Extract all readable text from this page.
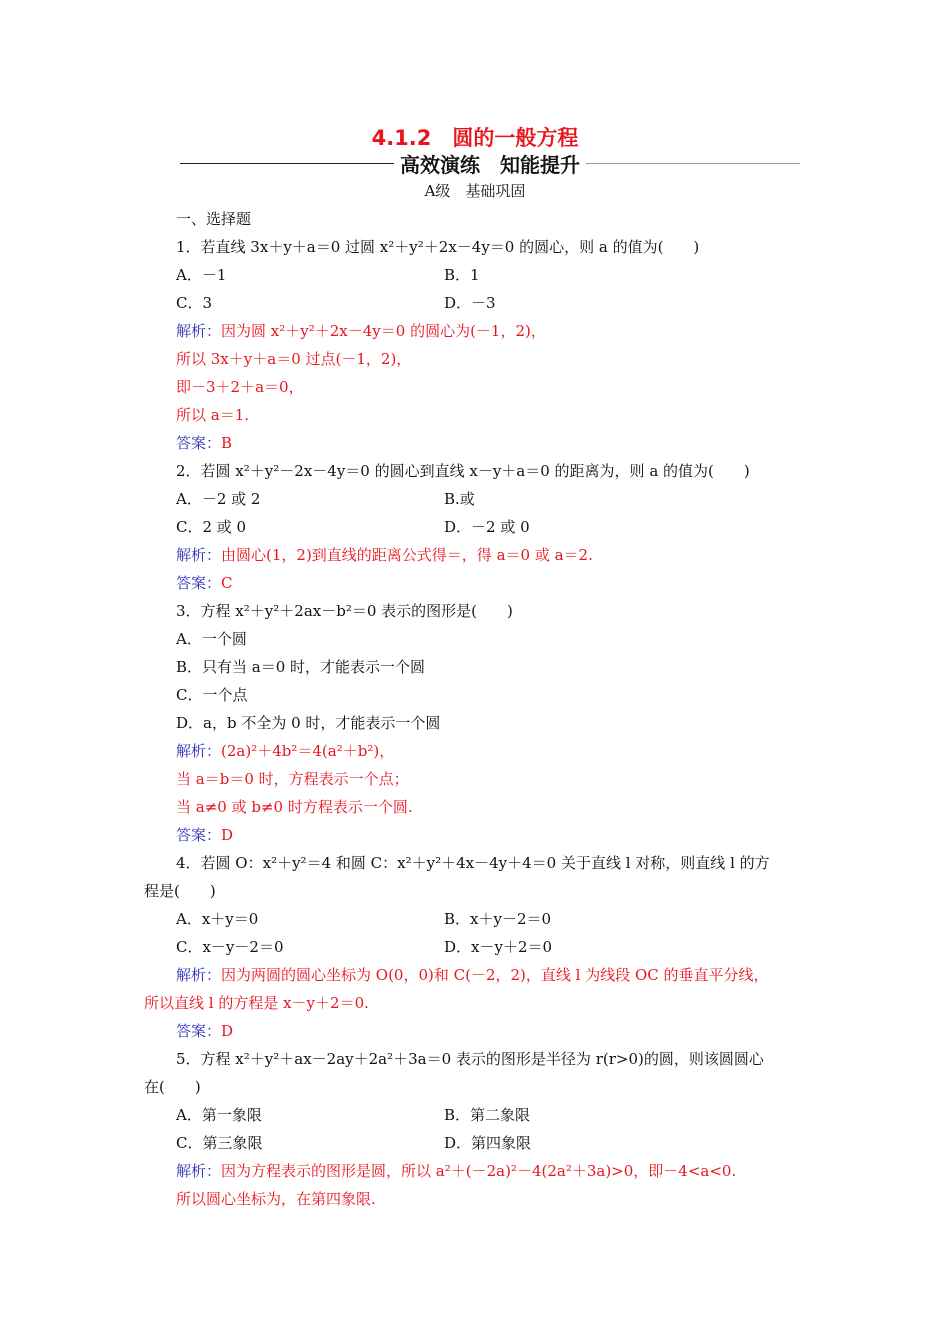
4.1.2　圆的一般方程
高效演练　知能提升
A级　基础巩固
一、选择题
1．若直线 3x＋y＋a＝0 过圆 x²＋y²＋2x－4y＝0 的圆心，则 a 的值为(　　)
A．－1	B．1
C．3	D．－3
解析：因为圆 x²＋y²＋2x－4y＝0 的圆心为(－1，2)，
所以 3x＋y＋a＝0 过点(－1，2)，
即－3＋2＋a＝0，
所以 a＝1.
答案：B
2．若圆 x²＋y²－2x－4y＝0 的圆心到直线 x－y＋a＝0 的距离为，则 a 的值为(　　)
A．－2 或 2	B.或
C．2 或 0	D．－2 或 0
解析：由圆心(1，2)到直线的距离公式得＝，得 a＝0 或 a＝2.
答案：C
3．方程 x²＋y²＋2ax－b²＝0 表示的图形是(　　)
A．一个圆
B．只有当 a＝0 时，才能表示一个圆
C．一个点
D．a，b 不全为 0 时，才能表示一个圆
解析：(2a)²＋4b²＝4(a²＋b²)，
当 a＝b＝0 时，方程表示一个点；
当 a≠0 或 b≠0 时方程表示一个圆.
答案：D
4．若圆 O：x²＋y²＝4 和圆 C：x²＋y²＋4x－4y＋4＝0 关于直线 l 对称，则直线 l 的方
程是(　　)
A．x＋y＝0	B．x＋y－2＝0
C．x－y－2＝0	D．x－y＋2＝0
解析：因为两圆的圆心坐标为 O(0，0)和 C(－2，2)，直线 l 为线段 OC 的垂直平分线，
所以直线 l 的方程是 x－y＋2＝0.
答案：D
5．方程 x²＋y²＋ax－2ay＋2a²＋3a＝0 表示的图形是半径为 r(r>0)的圆，则该圆圆心
在(　　)
A．第一象限	B．第二象限
C．第三象限	D．第四象限
解析：因为方程表示的图形是圆，所以 a²＋(－2a)²－4(2a²＋3a)>0，即－4<a<0.
所以圆心坐标为，在第四象限.
